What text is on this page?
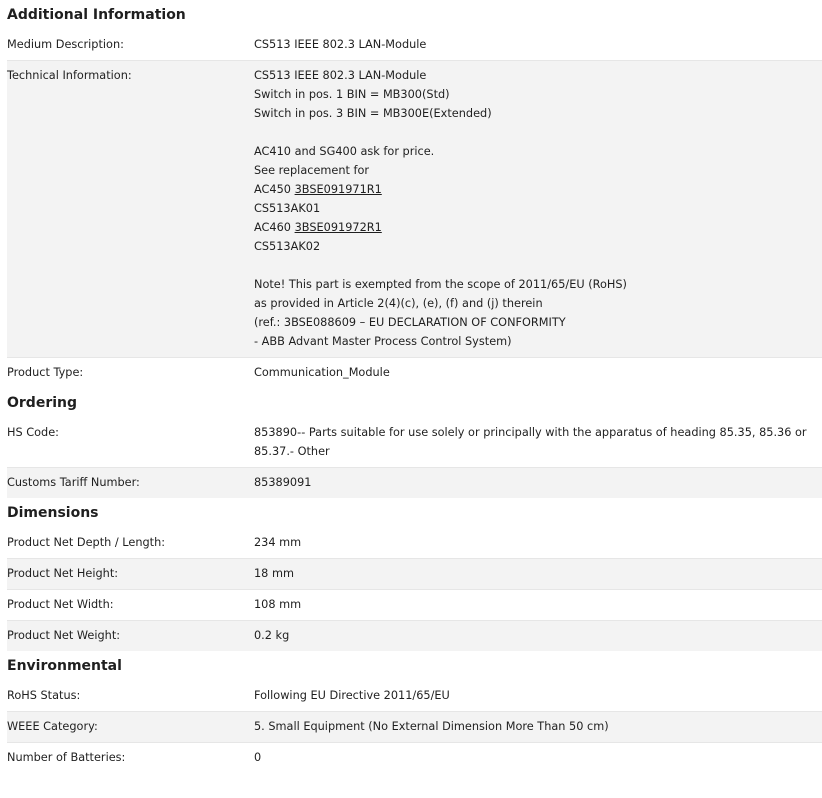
Additional Information
Medium Description:	CS513 IEEE 802.3 LAN-Module
Technical Information:	CS513 IEEE 802.3 LAN-Module
Switch in pos. 1 BIN = MB300(Std)
Switch in pos. 3 BIN = MB300E(Extended)
AC410 and SG400 ask for price.
See replacement for
AC450 3BSE091971R1
CS513AK01
AC460 3BSE091972R1
CS513AK02
Note! This part is exempted from the scope of 2011/65/EU (RoHS)
as provided in Article 2(4)(c), (e), (f) and (j) therein
(ref.: 3BSE088609 – EU DECLARATION OF CONFORMITY
- ABB Advant Master Process Control System)
Product Type:	Communication_Module
Ordering
HS Code:	853890-- Parts suitable for use solely or principally with the apparatus of heading 85.35, 85.36 or 85.37.- Other
Customs Tariff Number:	85389091
Dimensions
Product Net Depth / Length:	234 mm
Product Net Height:	18 mm
Product Net Width:	108 mm
Product Net Weight:	0.2 kg
Environmental
RoHS Status:	Following EU Directive 2011/65/EU
WEEE Category:	5. Small Equipment (No External Dimension More Than 50 cm)
Number of Batteries:	0
